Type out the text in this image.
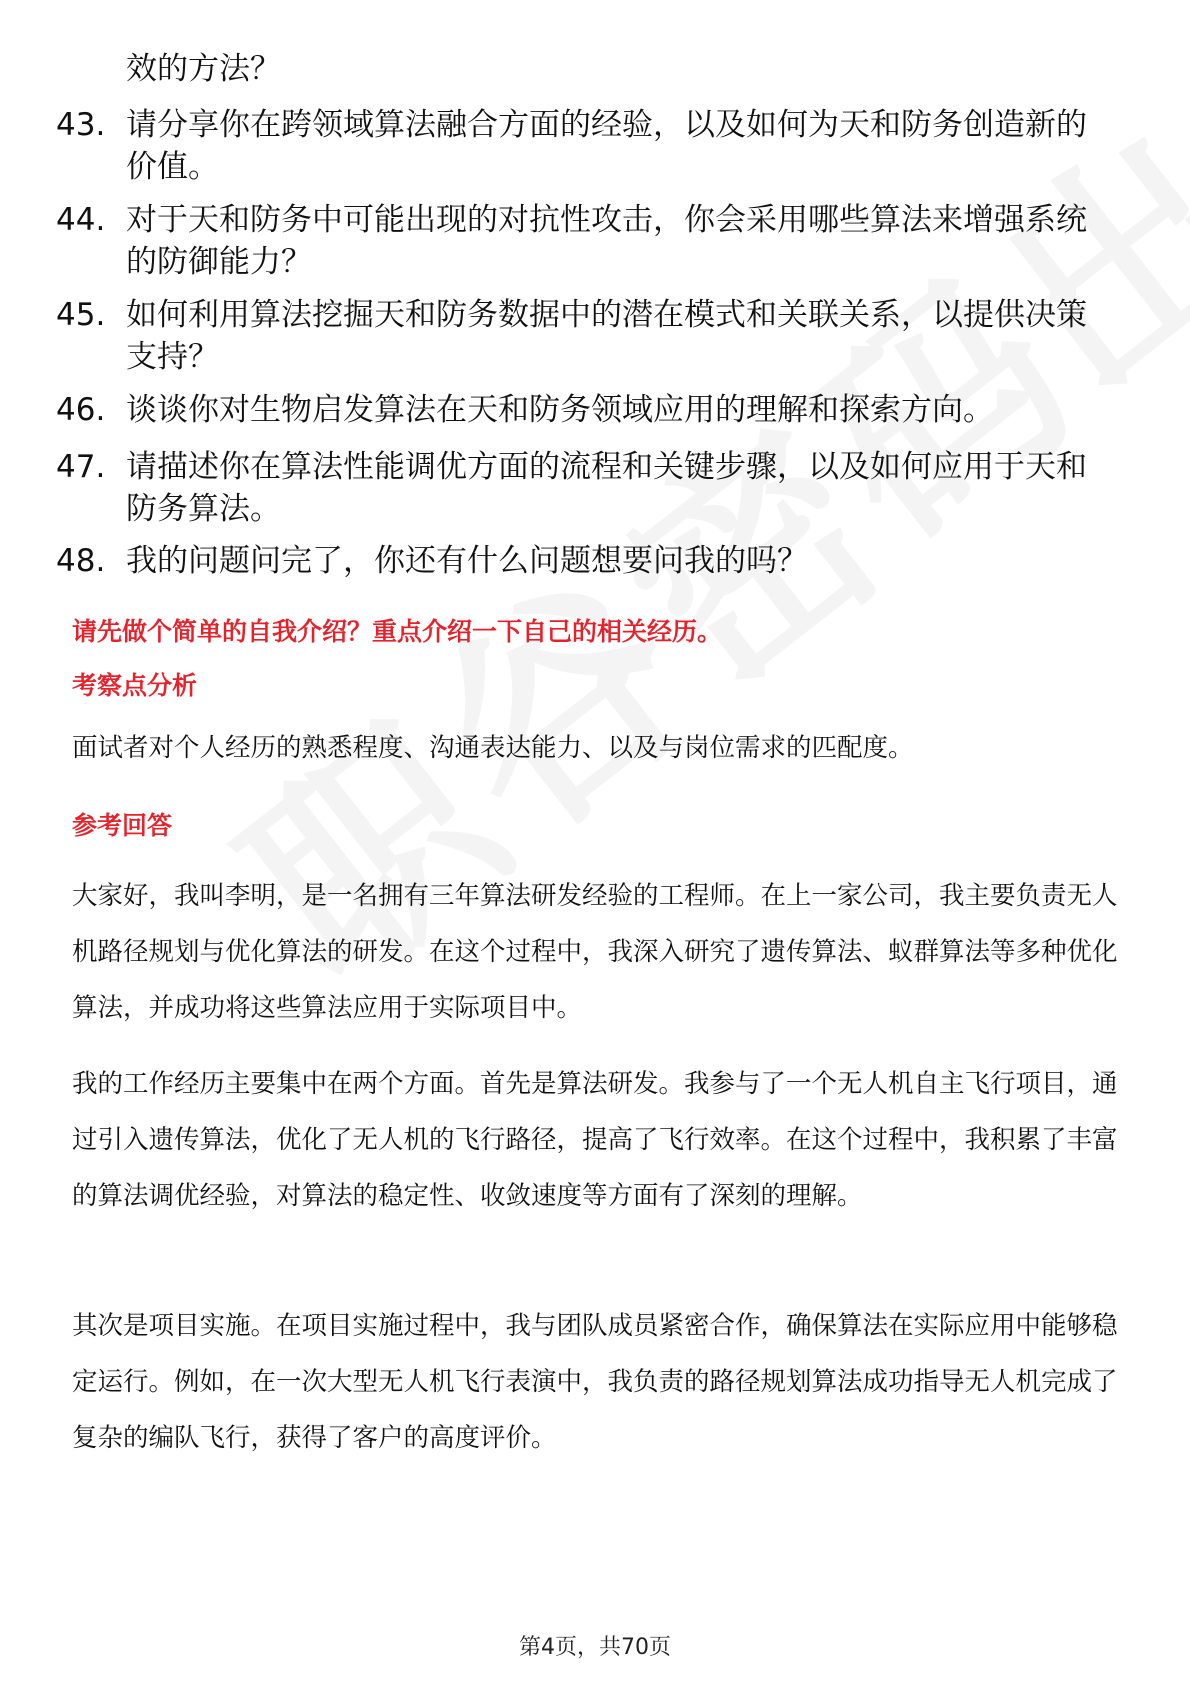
效的方法？
43. 请分享你在跨领域算法融合方面的经验，以及如何为天和防务创造新的价值。
44. 对于天和防务中可能出现的对抗性攻击，你会采用哪些算法来增强系统的防御能力？
45. 如何利用算法挖掘天和防务数据中的潜在模式和关联关系，以提供决策支持？
46. 谈谈你对生物启发算法在天和防务领域应用的理解和探索方向。
47. 请描述你在算法性能调优方面的流程和关键步骤，以及如何应用于天和防务算法。
48. 我的问题问完了，你还有什么问题想要问我的吗？
请先做个简单的自我介绍？重点介绍一下自己的相关经历。
考察点分析
面试者对个人经历的熟悉程度、沟通表达能力、以及与岗位需求的匹配度。
参考回答
大家好，我叫李明，是一名拥有三年算法研发经验的工程师。在上一家公司，我主要负责无人机路径规划与优化算法的研发。在这个过程中，我深入研究了遗传算法、蚁群算法等多种优化算法，并成功将这些算法应用于实际项目中。
我的工作经历主要集中在两个方面。首先是算法研发。我参与了一个无人机自主飞行项目，通过引入遗传算法，优化了无人机的飞行路径，提高了飞行效率。在这个过程中，我积累了丰富的算法调优经验，对算法的稳定性、收敛速度等方面有了深刻的理解。
其次是项目实施。在项目实施过程中，我与团队成员紧密合作，确保算法在实际应用中能够稳定运行。例如，在一次大型无人机飞行表演中，我负责的路径规划算法成功指导无人机完成了复杂的编队飞行，获得了客户的高度评价。
第4页，共70页
